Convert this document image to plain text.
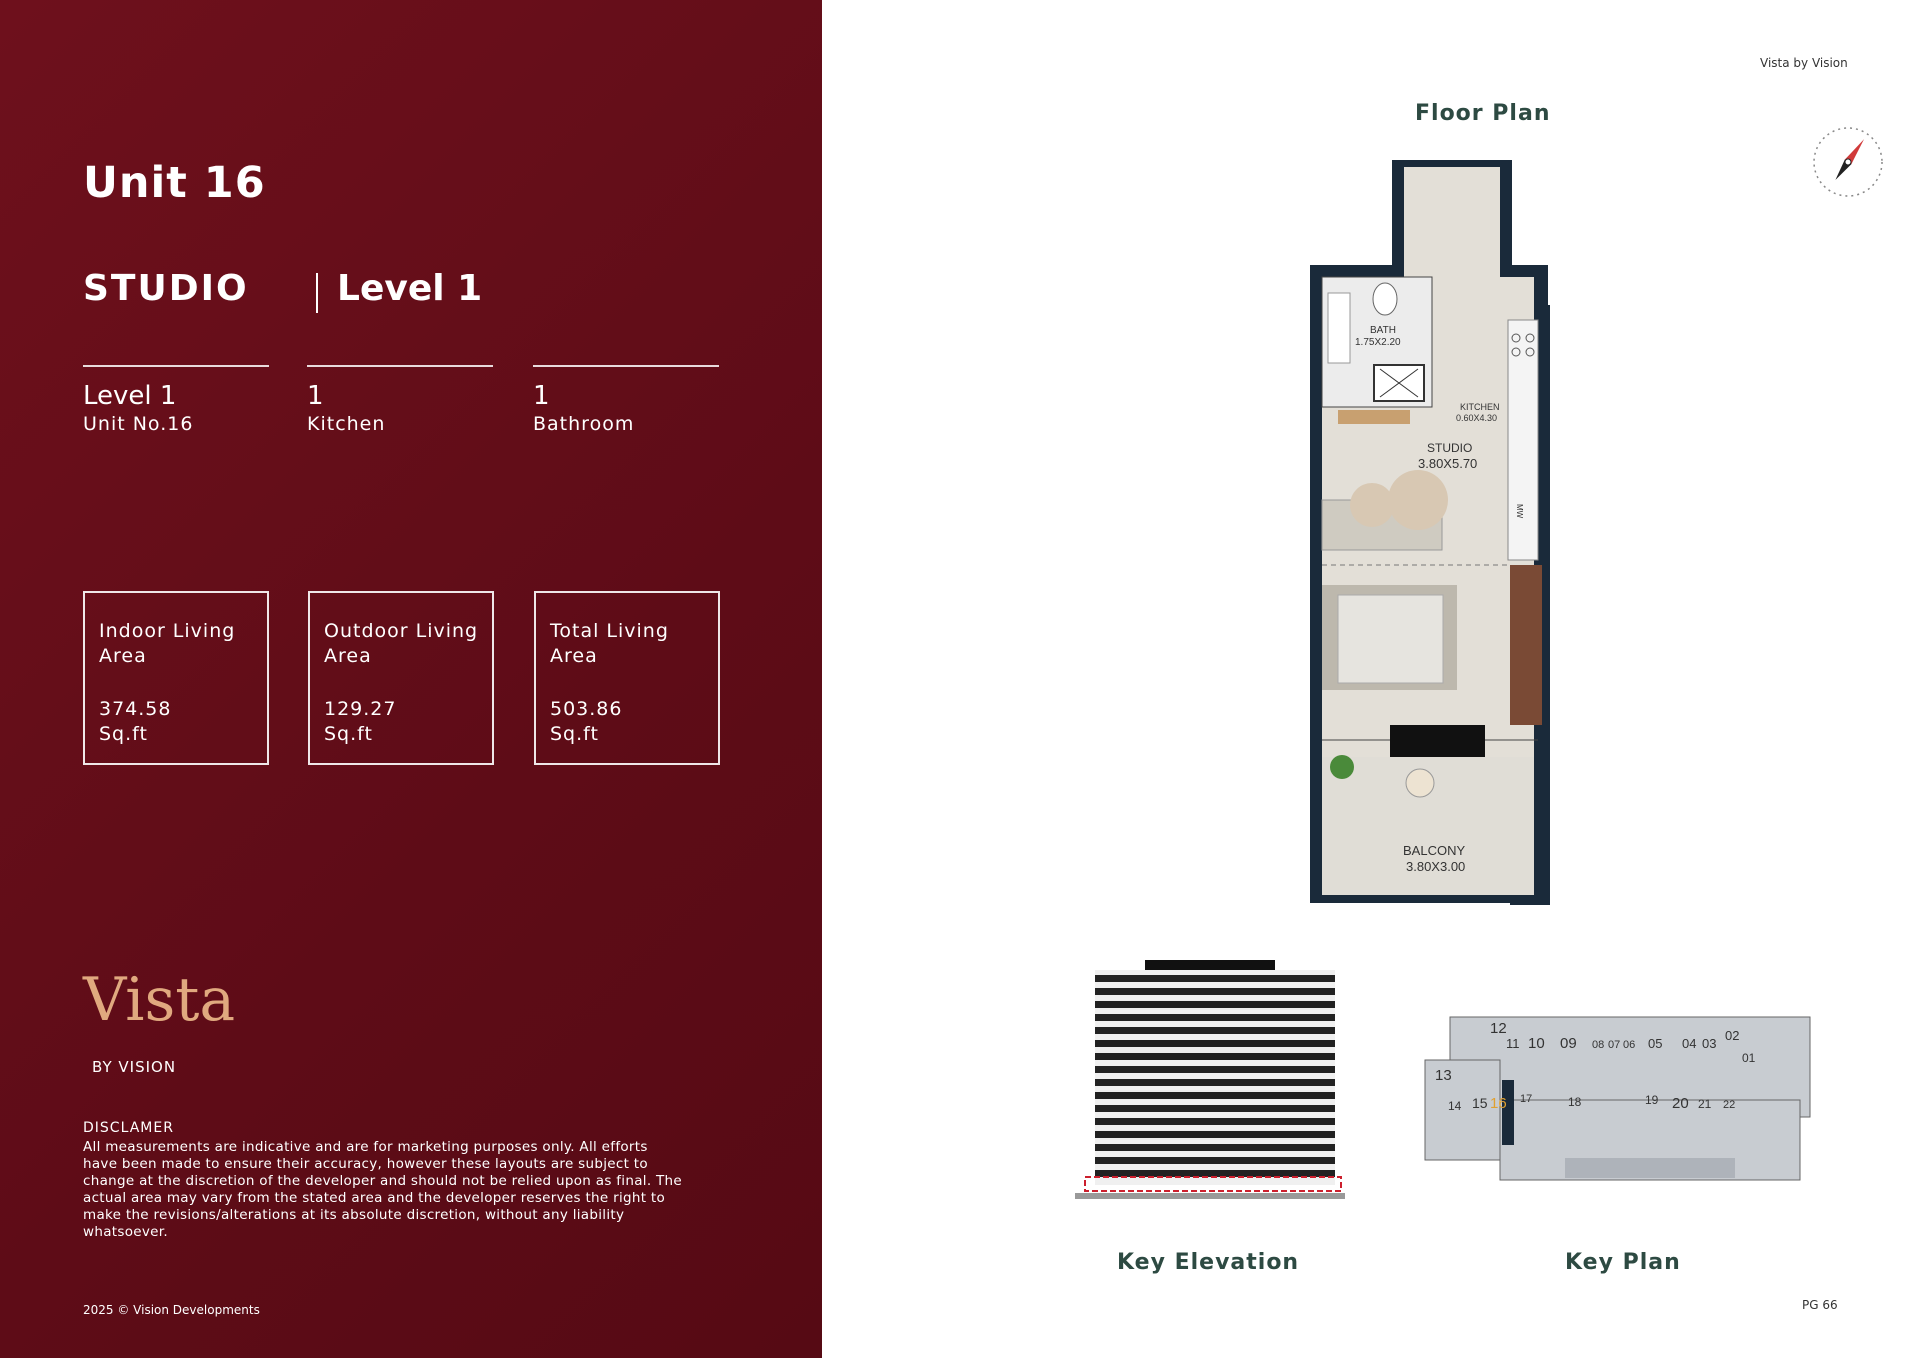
Unit 16
STUDIO Level 1
Level 1
Unit No.16
1
Kitchen
1
Bathroom
Indoor Living Area
374.58 Sq.ft
Outdoor Living Area
129.27 Sq.ft
Total Living Area
503.86 Sq.ft
Vista
BY VISION
DISCLAMER
All measurements are indicative and are for marketing purposes only. All efforts have been made to ensure their accuracy, however these layouts are subject to change at the discretion of the developer and should not be relied upon as final. The actual area may vary from the stated area and the developer reserves the right to make the revisions/alterations at its absolute discretion, without any liability whatsoever.
2025 © Vision Developments
Vista by Vision
Floor Plan
BATH
1.75X2.20
KITCHEN
0.60X4.30
STUDIO
3.80X5.70
BALCONY
3.80X3.00
MW
12
11 10 09 08 07 06 05 04 03
02
01
13
14 15 16 17	18	19 20 21 22
Key Elevation	Key Plan
PG 66
